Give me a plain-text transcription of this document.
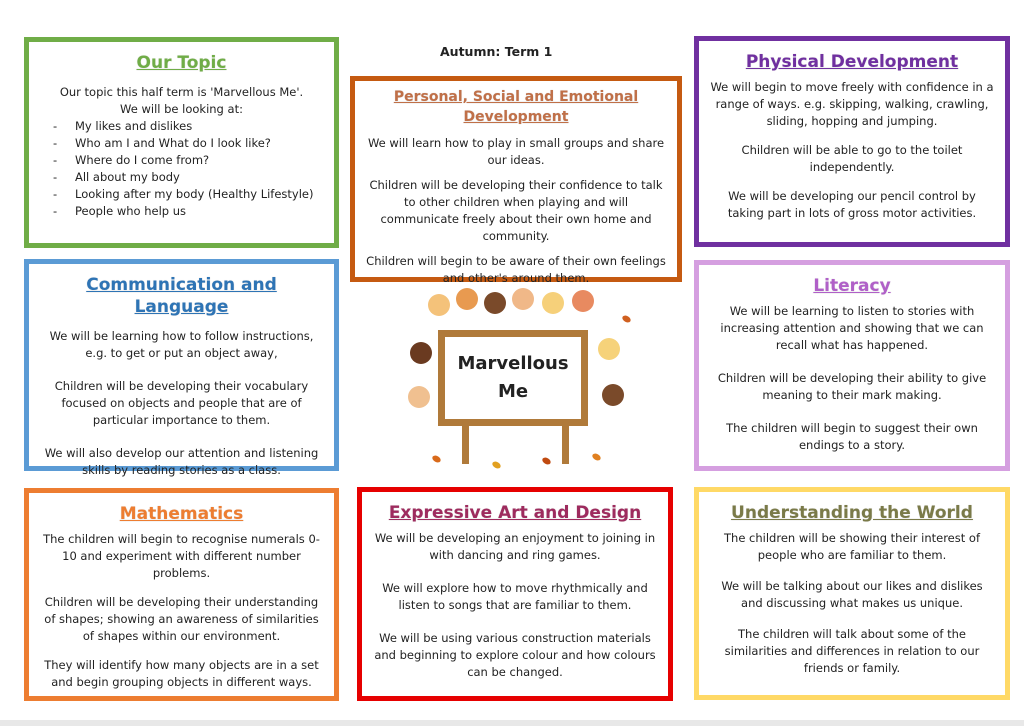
Autumn: Term 1
Our Topic
Our topic this half term is 'Marvellous Me'.
We will be looking at:
- My likes and dislikes
- Who am I and What do I look like?
- Where do I come from?
- All about my body
- Looking after my body (Healthy Lifestyle)
- People who help us
Personal, Social and Emotional Development

We will learn how to play in small groups and share our ideas.

Children will be developing their confidence to talk to other children when playing and will communicate freely about their own home and community.

Children will begin to be aware of their own feelings and other's around them.

Physical Development

We will begin to move freely with confidence in a range of ways. e.g. skipping, walking, crawling, sliding, hopping and jumping.

Children will be able to go to the toilet independently.

We will be developing our pencil control by taking part in lots of gross motor activities.

Communication and Language

We will be learning how to follow instructions, e.g. to get or put an object away,

Children will be developing their vocabulary focused on objects and people that are of particular importance to them.

We will also develop our attention and listening skills by reading stories as a class.

Literacy

We will be learning to listen to stories with increasing attention and showing that we can recall what has happened.

Children will be developing their ability to give meaning to their mark making.

The children will begin to suggest their own endings to a story.

Mathematics

The children will begin to recognise numerals 0-10 and experiment with different number problems.

Children will be developing their understanding of shapes; showing an awareness of similarities of shapes within our environment.

They will identify how many objects are in a set and begin grouping objects in different ways.

Expressive Art and Design

We will be developing an enjoyment to joining in with dancing and ring games.

We will explore how to move rhythmically and listen to songs that are familiar to them.

We will be using various construction materials and beginning to explore colour and how colours can be changed.

Understanding the World

The children will be showing their interest of people who are familiar to them.

We will be talking about our likes and dislikes and discussing what makes us unique.

The children will talk about some of the similarities and differences in relation to our friends or family.

Marvellous
Me
